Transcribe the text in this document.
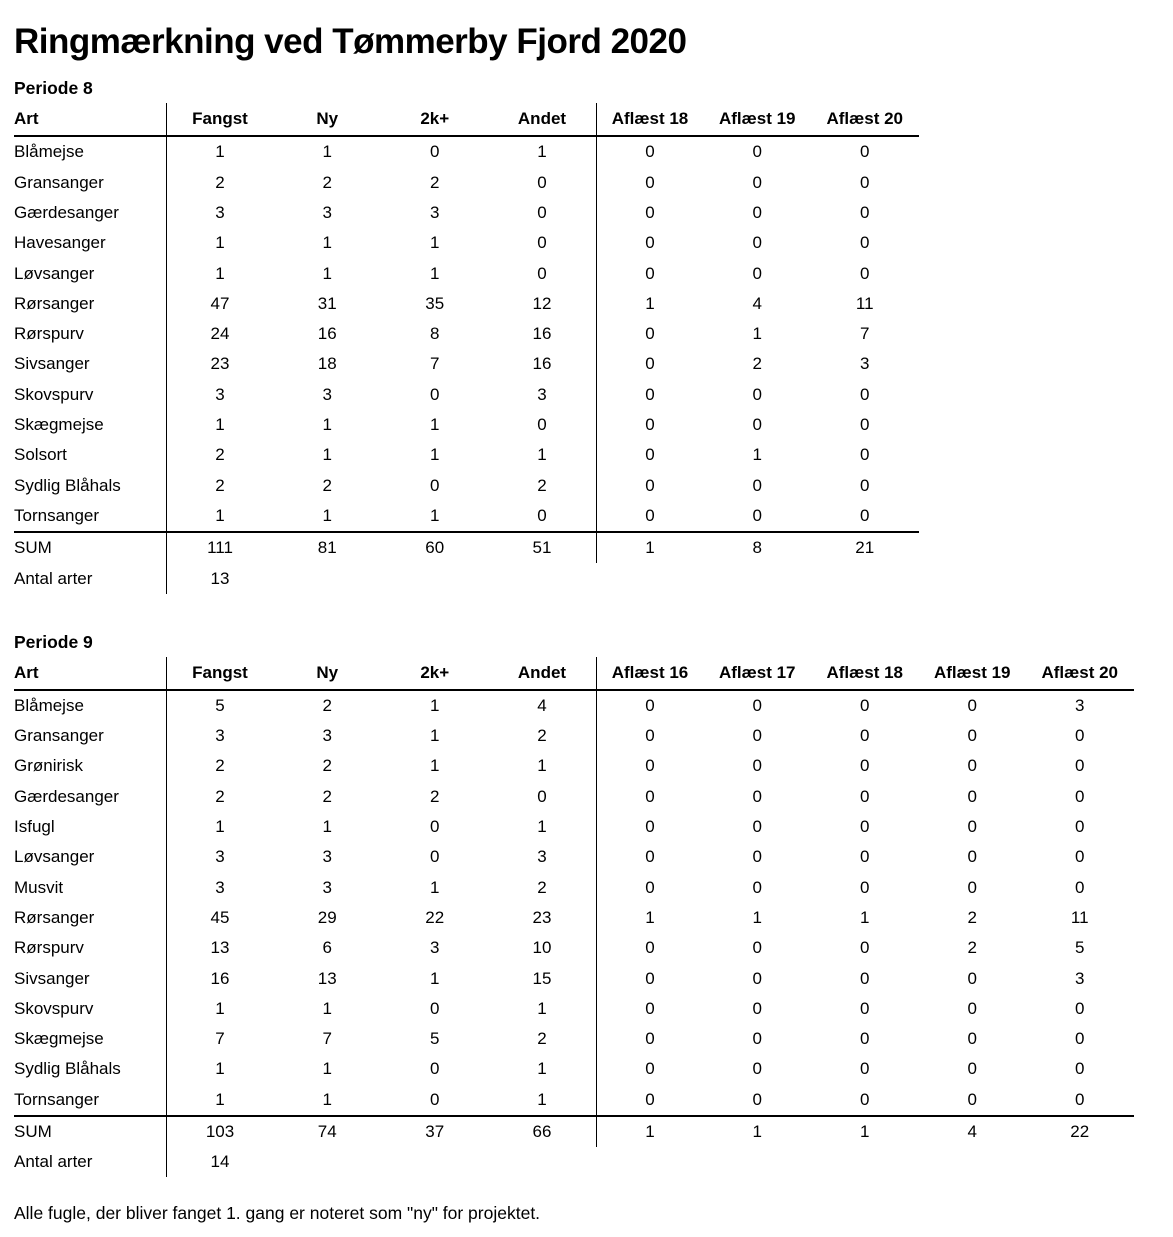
Ringmærkning ved Tømmerby Fjord 2020
Periode 8
Art	Fangst	Ny	2k+	Andet	Aflæst 18	Aflæst 19	Aflæst 20
Blåmejse	1	1	0	1	0	0	0
Gransanger	2	2	2	0	0	0	0
Gærdesanger	3	3	3	0	0	0	0
Havesanger	1	1	1	0	0	0	0
Løvsanger	1	1	1	0	0	0	0
Rørsanger	47	31	35	12	1	4	11
Rørspurv	24	16	8	16	0	1	7
Sivsanger	23	18	7	16	0	2	3
Skovspurv	3	3	0	3	0	0	0
Skægmejse	1	1	1	0	0	0	0
Solsort	2	1	1	1	0	1	0
Sydlig Blåhals	2	2	0	2	0	0	0
Tornsanger	1	1	1	0	0	0	0
SUM	111	81	60	51	1	8	21
Antal arter	13						
Periode 9
Art	Fangst	Ny	2k+	Andet	Aflæst 16	Aflæst 17	Aflæst 18	Aflæst 19	Aflæst 20
Blåmejse	5	2	1	4	0	0	0	0	3
Gransanger	3	3	1	2	0	0	0	0	0
Grønirisk	2	2	1	1	0	0	0	0	0
Gærdesanger	2	2	2	0	0	0	0	0	0
Isfugl	1	1	0	1	0	0	0	0	0
Løvsanger	3	3	0	3	0	0	0	0	0
Musvit	3	3	1	2	0	0	0	0	0
Rørsanger	45	29	22	23	1	1	1	2	11
Rørspurv	13	6	3	10	0	0	0	2	5
Sivsanger	16	13	1	15	0	0	0	0	3
Skovspurv	1	1	0	1	0	0	0	0	0
Skægmejse	7	7	5	2	0	0	0	0	0
Sydlig Blåhals	1	1	0	1	0	0	0	0	0
Tornsanger	1	1	0	1	0	0	0	0	0
SUM	103	74	37	66	1	1	1	4	22
Antal arter	14								

Alle fugle, der bliver fanget 1. gang er noteret som "ny" for projektet.
